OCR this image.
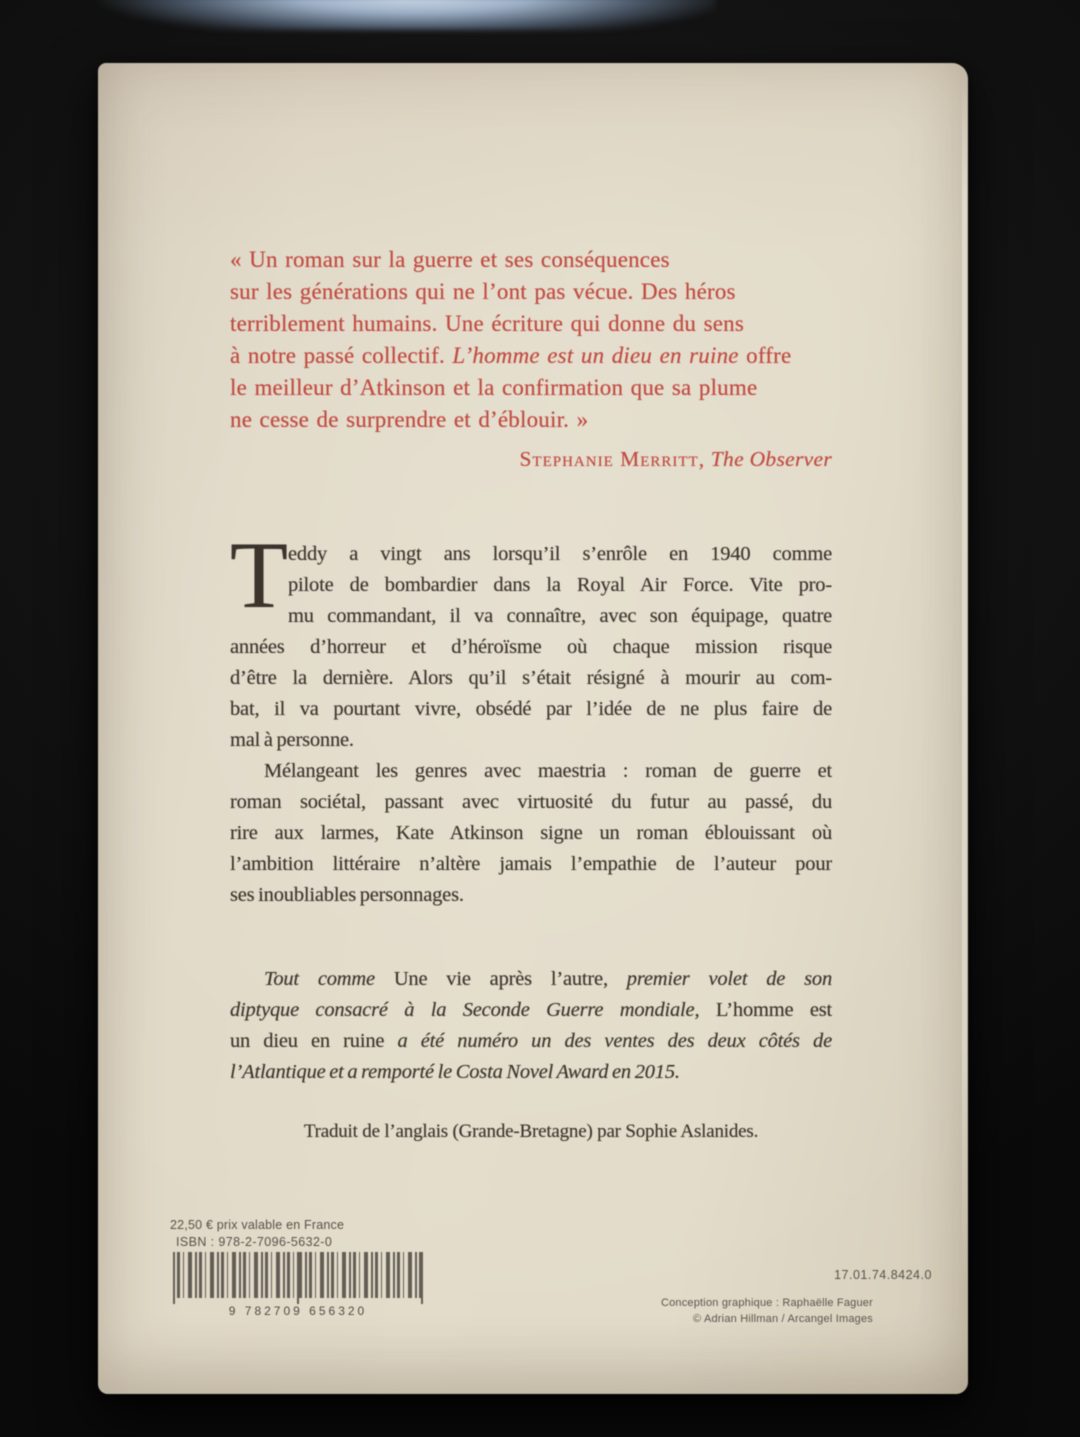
« Un roman sur la guerre et ses conséquences
sur les générations qui ne l’ont pas vécue. Des héros
terriblement humains. Une écriture qui donne du sens
à notre passé collectif. L’homme est un dieu en ruine offre
le meilleur d’Atkinson et la confirmation que sa plume
ne cesse de surprendre et d’éblouir. »
Stephanie Merritt, The Observer
T eddy a vingt ans lorsqu’il s’enrôle en 1940 comme
pilote de bombardier dans la Royal Air Force. Vite pro-
mu commandant, il va connaître, avec son équipage, quatre
années d’horreur et d’héroïsme où chaque mission risque
d’être la dernière. Alors qu’il s’était résigné à mourir au com-
bat, il va pourtant vivre, obsédé par l’idée de ne plus faire de
mal à personne.
Mélangeant les genres avec maestria : roman de guerre et
roman sociétal, passant avec virtuosité du futur au passé, du
rire aux larmes, Kate Atkinson signe un roman éblouissant où
l’ambition littéraire n’altère jamais l’empathie de l’auteur pour
ses inoubliables personnages.
Tout comme Une vie après l’autre, premier volet de son
diptyque consacré à la Seconde Guerre mondiale, L’homme est
un dieu en ruine a été numéro un des ventes des deux côtés de
l’Atlantique et a remporté le Costa Novel Award en 2015.
Traduit de l’anglais (Grande-Bretagne) par Sophie Aslanides.
22,50 € prix valable en France
ISBN : 978-2-7096-5632-0
9 782709 656320
17.01.74.8424.0
Conception graphique : Raphaëlle Faguer
© Adrian Hillman / Arcangel Images
